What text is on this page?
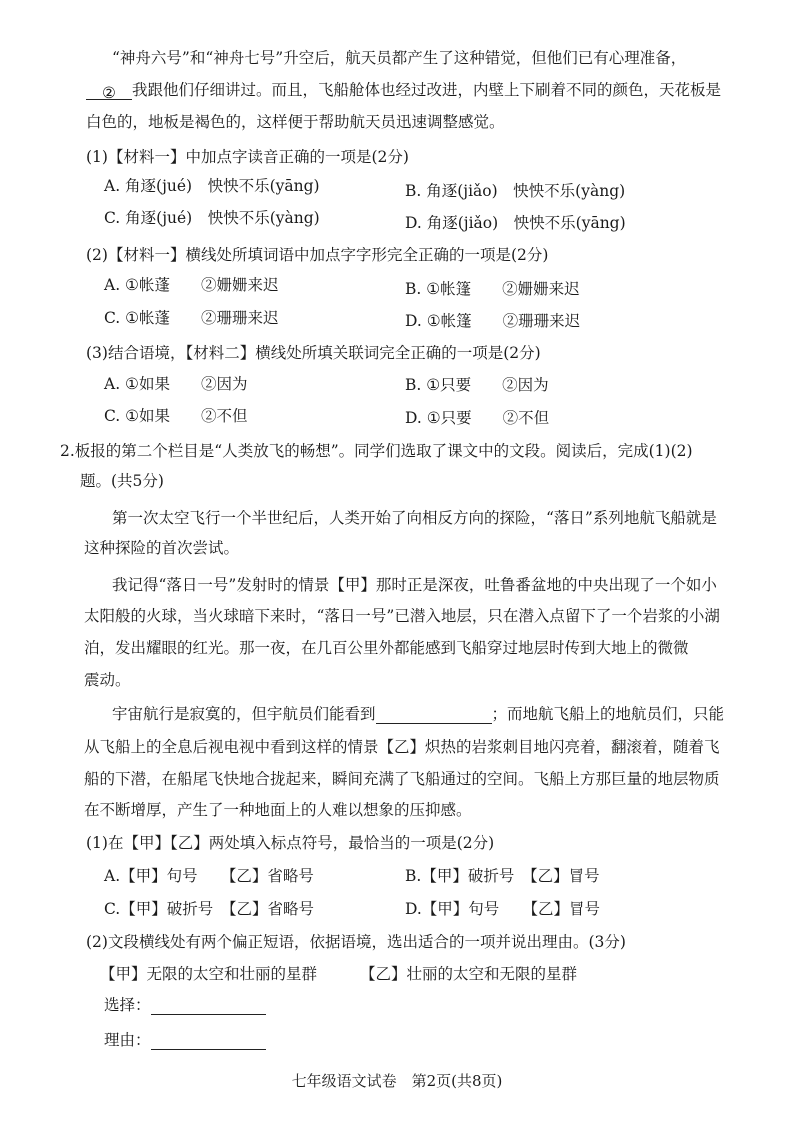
“神舟六号”和“神舟七号”升空后，航天员都产生了这种错觉，但他们已有心理准备，
② 我跟他们仔细讲过。而且，飞船舱体也经过改进，内壁上下刷着不同的颜色，天花板是
白色的，地板是褐色的，这样便于帮助航天员迅速调整感觉。
(1)【材料一】中加点字读音正确的一项是(2分)
A. 角逐(jué)　怏怏不乐(yāng)	B. 角逐(jiǎo)　怏怏不乐(yàng)
C. 角逐(jué)　怏怏不乐(yàng)	D. 角逐(jiǎo)　怏怏不乐(yāng)
(2)【材料一】横线处所填词语中加点字字形完全正确的一项是(2分)
A. ①帐蓬　　②姗姗来迟	B. ①帐篷　　②姗姗来迟
C. ①帐蓬　　②珊珊来迟	D. ①帐篷　　②珊珊来迟
(3)结合语境，【材料二】横线处所填关联词完全正确的一项是(2分)
A. ①如果　　②因为	B. ①只要　　②因为
C. ①如果　　②不但	D. ①只要　　②不但
2.板报的第二个栏目是“人类放飞的畅想”。同学们选取了课文中的文段。阅读后，完成(1)(2)
题。(共5分)
第一次太空飞行一个半世纪后，人类开始了向相反方向的探险，“落日”系列地航飞船就是
这种探险的首次尝试。
我记得“落日一号”发射时的情景【甲】那时正是深夜，吐鲁番盆地的中央出现了一个如小
太阳般的火球，当火球暗下来时，“落日一号”已潜入地层，只在潜入点留下了一个岩浆的小湖
泊，发出耀眼的红光。那一夜，在几百公里外都能感到飞船穿过地层时传到大地上的微微
震动。
宇宙航行是寂寞的，但宇航员们能看到	；而地航飞船上的地航员们，只能
从飞船上的全息后视电视中看到这样的情景【乙】炽热的岩浆刺目地闪亮着，翻滚着，随着飞
船的下潜，在船尾飞快地合拢起来，瞬间充满了飞船通过的空间。飞船上方那巨量的地层物质
在不断增厚，产生了一种地面上的人难以想象的压抑感。
(1)在【甲】【乙】两处填入标点符号，最恰当的一项是(2分)
A.【甲】句号　　【乙】省略号	B.【甲】破折号　【乙】冒号
C.【甲】破折号　【乙】省略号	D.【甲】句号　　【乙】冒号
(2)文段横线处有两个偏正短语，依据语境，选出适合的一项并说出理由。(3分)
【甲】无限的太空和壮丽的星群	【乙】壮丽的太空和无限的星群
选择：
理由：
七年级语文试卷　第2页(共8页)
